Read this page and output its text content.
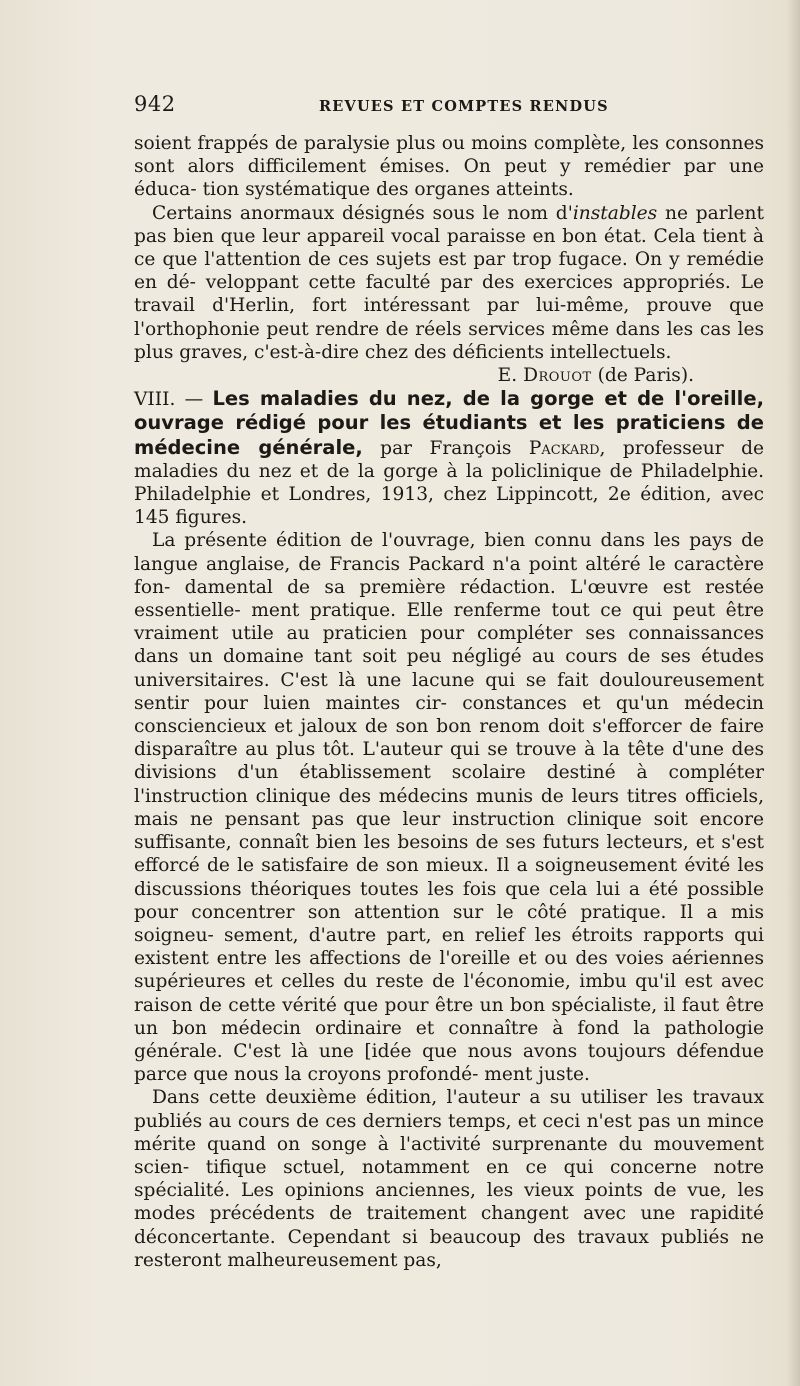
942	REVUES ET COMPTES RENDUS

soient frappés de paralysie plus ou moins complète, les consonnes sont alors difficilement émises. On peut y remédier par une éduca- tion systématique des organes atteints.

Certains anormaux désignés sous le nom d'instables ne parlent pas bien que leur appareil vocal paraisse en bon état. Cela tient à ce que l'attention de ces sujets est par trop fugace. On y remédie en dé- veloppant cette faculté par des exercices appropriés. Le travail d'Herlin, fort intéressant par lui-même, prouve que l'orthophonie peut rendre de réels services même dans les cas les plus graves, c'est-à-dire chez des déficients intellectuels.

E. Drouot (de Paris).

VIII. — Les maladies du nez, de la gorge et de l'oreille, ouvrage rédigé pour les étudiants et les praticiens de médecine générale, par François Packard, professeur de maladies du nez et de la gorge à la policlinique de Philadelphie. Philadelphie et Londres, 1913, chez Lippincott, 2e édition, avec 145 figures.

La présente édition de l'ouvrage, bien connu dans les pays de langue anglaise, de Francis Packard n'a point altéré le caractère fon- damental de sa première rédaction. L'œuvre est restée essentielle- ment pratique. Elle renferme tout ce qui peut être vraiment utile au praticien pour compléter ses connaissances dans un domaine tant soit peu négligé au cours de ses études universitaires. C'est là une lacune qui se fait douloureusement sentir pour luien maintes cir- constances et qu'un médecin consciencieux et jaloux de son bon renom doit s'efforcer de faire disparaître au plus tôt. L'auteur qui se trouve à la tête d'une des divisions d'un établissement scolaire destiné à compléter l'instruction clinique des médecins munis de leurs titres officiels, mais ne pensant pas que leur instruction clinique soit encore suffisante, connaît bien les besoins de ses futurs lecteurs, et s'est efforcé de le satisfaire de son mieux. Il a soigneusement évité les discussions théoriques toutes les fois que cela lui a été possible pour concentrer son attention sur le côté pratique. Il a mis soigneu- sement, d'autre part, en relief les étroits rapports qui existent entre les affections de l'oreille et ou des voies aériennes supérieures et celles du reste de l'économie, imbu qu'il est avec raison de cette vérité que pour être un bon spécialiste, il faut être un bon médecin ordinaire et connaître à fond la pathologie générale. C'est là une [idée que nous avons toujours défendue parce que nous la croyons profondé- ment juste.

Dans cette deuxième édition, l'auteur a su utiliser les travaux publiés au cours de ces derniers temps, et ceci n'est pas un mince mérite quand on songe à l'activité surprenante du mouvement scien- tifique sctuel, notamment en ce qui concerne notre spécialité. Les opinions anciennes, les vieux points de vue, les modes précédents de traitement changent avec une rapidité déconcertante. Cependant si beaucoup des travaux publiés ne resteront malheureusement pas,
